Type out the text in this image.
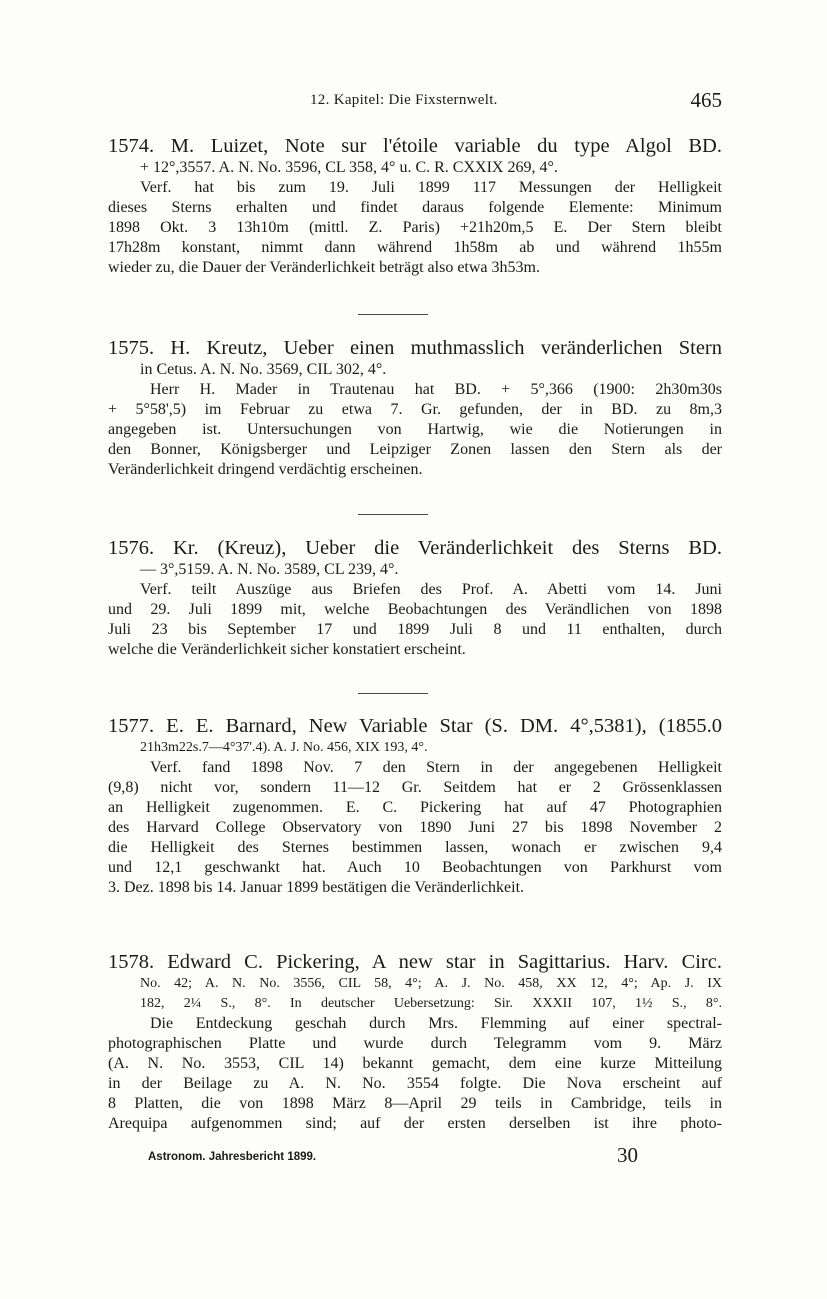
12. Kapitel: Die Fixsternwelt.	465
1574. M. Luizet, Note sur l'étoile variable du type Algol BD.
+ 12°,3557. A. N. No. 3596, CL 358, 4° u. C. R. CXXIX 269, 4°.
Verf. hat bis zum 19. Juli 1899 117 Messungen der Helligkeit
dieses Sterns erhalten und findet daraus folgende Elemente: Minimum
1898 Okt. 3 13h10m (mittl. Z. Paris) +21h20m,5 E. Der Stern bleibt
17h28m konstant, nimmt dann während 1h58m ab und während 1h55m
wieder zu, die Dauer der Veränderlichkeit beträgt also etwa 3h53m.
1575. H. Kreutz, Ueber einen muthmasslich veränderlichen Stern
in Cetus. A. N. No. 3569, CIL 302, 4°.
Herr H. Mader in Trautenau hat BD. + 5°,366 (1900: 2h30m30s
+ 5°58',5) im Februar zu etwa 7. Gr. gefunden, der in BD. zu 8m,3
angegeben ist. Untersuchungen von Hartwig, wie die Notierungen in
den Bonner, Königsberger und Leipziger Zonen lassen den Stern als der
Veränderlichkeit dringend verdächtig erscheinen.
1576. Kr. (Kreuz), Ueber die Veränderlichkeit des Sterns BD.
— 3°,5159. A. N. No. 3589, CL 239, 4°.
Verf. teilt Auszüge aus Briefen des Prof. A. Abetti vom 14. Juni
und 29. Juli 1899 mit, welche Beobachtungen des Verändlichen von 1898
Juli 23 bis September 17 und 1899 Juli 8 und 11 enthalten, durch
welche die Veränderlichkeit sicher konstatiert erscheint.
1577. E. E. Barnard, New Variable Star (S. DM. 4°,5381), (1855.0
21h3m22s.7—4°37'.4). A. J. No. 456, XIX 193, 4°.
Verf. fand 1898 Nov. 7 den Stern in der angegebenen Helligkeit
(9,8) nicht vor, sondern 11—12 Gr. Seitdem hat er 2 Grössenklassen
an Helligkeit zugenommen. E. C. Pickering hat auf 47 Photographien
des Harvard College Observatory von 1890 Juni 27 bis 1898 November 2
die Helligkeit des Sternes bestimmen lassen, wonach er zwischen 9,4
und 12,1 geschwankt hat. Auch 10 Beobachtungen von Parkhurst vom
3. Dez. 1898 bis 14. Januar 1899 bestätigen die Veränderlichkeit.
1578. Edward C. Pickering, A new star in Sagittarius. Harv. Circ.
No. 42; A. N. No. 3556, CIL 58, 4°; A. J. No. 458, XX 12, 4°; Ap. J. IX
182, 2¼ S., 8°. In deutscher Uebersetzung: Sir. XXXII 107, 1½ S., 8°.
Die Entdeckung geschah durch Mrs. Flemming auf einer spectral-
photographischen Platte und wurde durch Telegramm vom 9. März
(A. N. No. 3553, CIL 14) bekannt gemacht, dem eine kurze Mitteilung
in der Beilage zu A. N. No. 3554 folgte. Die Nova erscheint auf
8 Platten, die von 1898 März 8—April 29 teils in Cambridge, teils in
Arequipa aufgenommen sind; auf der ersten derselben ist ihre photo-
Astronom. Jahresbericht 1899.	30
